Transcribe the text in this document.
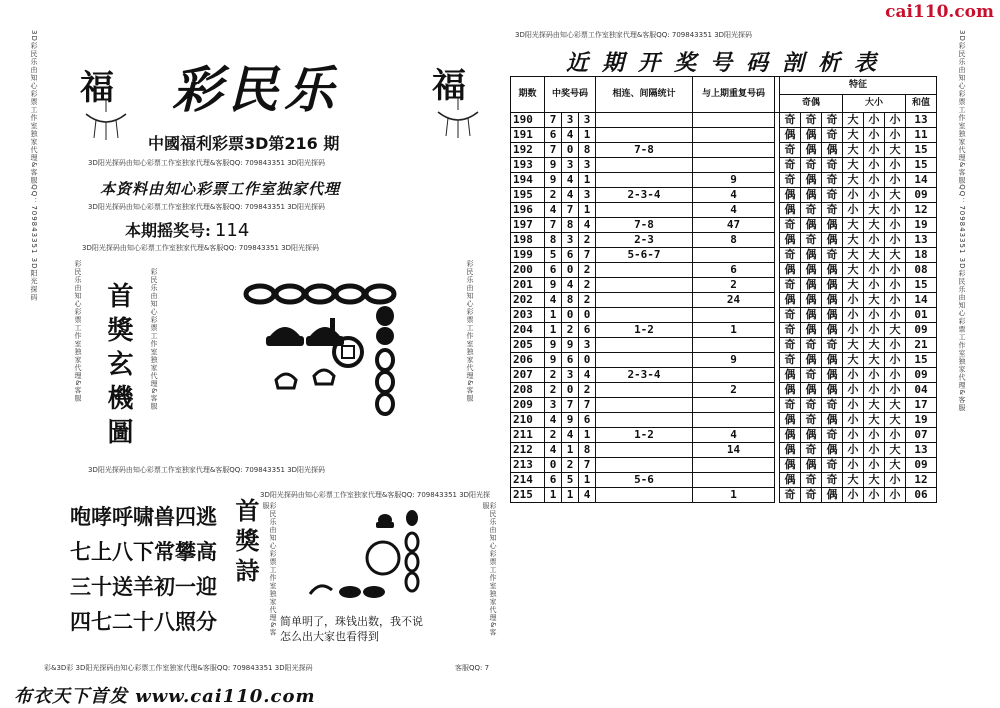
cai110.com
3D彩民乐由知心彩票工作室独家代理&客服QQ：709843351 3D阳光探码	3D彩民乐由知心彩票工作室独家代理&客服QQ：709843351 3D彩民乐由知心彩票工作室独家代理&客服
3D阳光探码由知心彩票工作室独家代理&客服QQ: 709843351 3D阳光探码
福 彩民乐	福
中國福利彩票3D第216 期
3D阳光探码由知心彩票工作室独家代理&客服QQ: 709843351 3D阳光探码
本资料由知心彩票工作室独家代理
3D阳光探码由知心彩票工作室独家代理&客服QQ: 709843351 3D阳光探码
本期摇奖号: 114
3D阳光探码由知心彩票工作室独家代理&客服QQ: 709843351 3D阳光探码
彩民乐由知心彩票工作室独家代理&客服	彩民乐由知心彩票工作室独家代理&客服
首獎玄機圖	彩民乐由知心彩票工作室独家代理&客服
3D阳光探码由知心彩票工作室独家代理&客服QQ: 709843351 3D阳光探码
咆哮呼啸兽四逃
七上八下常攀高
三十送羊初一迎
四七二十八照分
首獎詩
3D阳光探码由知心彩票工作室独家代理&客服QQ: 709843351 3D阳光探
彩民乐由知心彩票工作室独家代理&客服	彩民乐由知心彩票工作室独家代理&客服
简单明了，珠钱出数，我不说
怎么出大家也看得到
彩&3D彩 3D阳光探码由知心彩票工作室独家代理&客服QQ: 709843351 3D阳光探码	客服QQ: 7
布衣天下首发 www.cai110.com
近期开奖号码剖析表
期数	中奖号码			相连、间隔统计	与上期重复号码		特征						
							奇偶			大小			和值
190	7	3	3				奇	奇	奇	大	小	小	13
191	6	4	1				偶	偶	奇	大	小	小	11
192	7	0	8	7-8			奇	偶	偶	大	小	大	15
193	9	3	3				奇	奇	奇	大	小	小	15
194	9	4	1		9		奇	偶	奇	大	小	小	14
195	2	4	3	2-3-4	4		偶	偶	奇	小	小	大	09
196	4	7	1		4		偶	奇	奇	小	大	小	12
197	7	8	4	7-8	47		奇	偶	偶	大	大	小	19
198	8	3	2	2-3	8		偶	奇	偶	大	小	小	13
199	5	6	7	5-6-7			奇	偶	奇	大	大	大	18
200	6	0	2		6		偶	偶	偶	大	小	小	08
201	9	4	2		2		奇	偶	偶	大	小	小	15
202	4	8	2		24		偶	偶	偶	小	大	小	14
203	1	0	0				奇	偶	偶	小	小	小	01
204	1	2	6	1-2	1		奇	偶	偶	小	小	大	09
205	9	9	3				奇	奇	奇	大	大	小	21
206	9	6	0		9		奇	偶	偶	大	大	小	15
207	2	3	4	2-3-4			偶	奇	偶	小	小	小	09
208	2	0	2		2		偶	偶	偶	小	小	小	04
209	3	7	7				奇	奇	奇	小	大	大	17
210	4	9	6				偶	奇	偶	小	大	大	19
211	2	4	1	1-2	4		偶	偶	奇	小	小	小	07
212	4	1	8		14		偶	奇	偶	小	小	大	13
213	0	2	7				偶	偶	奇	小	小	大	09
214	6	5	1	5-6			偶	奇	奇	大	大	小	12
215	1	1	4		1		奇	奇	偶	小	小	小	06
